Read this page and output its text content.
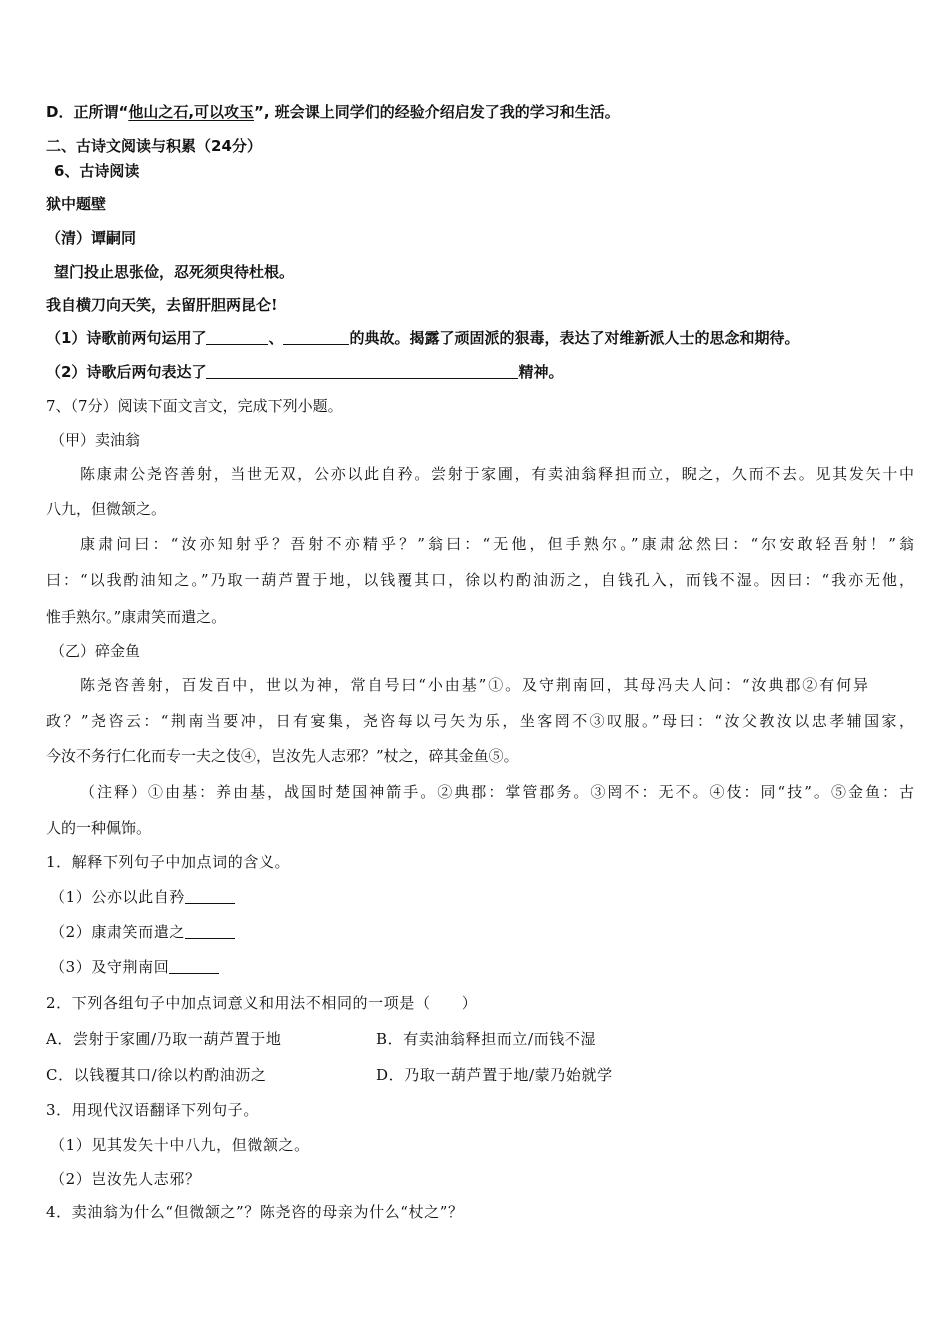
D．正所谓“他山之石,可以攻玉”, 班会课上同学们的经验介绍启发了我的学习和生活。
二、古诗文阅读与积累（24分）
6、古诗阅读
狱中题壁
（清）谭嗣同
望门投止思张俭，忍死须臾待杜根。
我自横刀向天笑，去留肝胆两昆仑!
（1）诗歌前两句运用了	、	的典故。揭露了顽固派的狠毒，表达了对维新派人士的思念和期待。
（2）诗歌后两句表达了	精神。
7、（7分）阅读下面文言文，完成下列小题。
（甲）卖油翁
陈康肃公尧咨善射，当世无双，公亦以此自矜。尝射于家圃，有卖油翁释担而立，睨之，久而不去。见其发矢十中
八九，但微颔之。
康肃问曰：“汝亦知射乎？吾射不亦精乎？”翁曰：“无他，但手熟尔。”康肃忿然曰：“尔安敢轻吾射！”翁
曰：“以我酌油知之。”乃取一葫芦置于地，以钱覆其口，徐以杓酌油沥之，自钱孔入，而钱不湿。因曰：“我亦无他，
惟手熟尔。”康肃笑而遣之。
（乙）碎金鱼
陈尧咨善射，百发百中，世以为神，常自号曰“小由基”①。及守荆南回，其母冯夫人问：“汝典郡②有何异
政？”尧咨云：“荆南当要冲，日有宴集，尧咨每以弓矢为乐，坐客罔不③叹服。”母曰：“汝父教汝以忠孝辅国家，
今汝不务行仁化而专一夫之伎④，岂汝先人志邪？”杖之，碎其金鱼⑤。
（注释）①由基：养由基，战国时楚国神箭手。②典郡：掌管郡务。③罔不：无不。④伎：同“技”。⑤金鱼：古
人的一种佩饰。
1．解释下列句子中加点词的含义。
（1）公亦以此自矜
（2）康肃笑而遣之
（3）及守荆南回
2．下列各组句子中加点词意义和用法不相同的一项是（　　）
A．尝射于家圃/乃取一葫芦置于地	B．有卖油翁释担而立/而钱不湿
C．以钱覆其口/徐以杓酌油沥之	D．乃取一葫芦置于地/蒙乃始就学
3．用现代汉语翻译下列句子。
（1）见其发矢十中八九，但微颔之。
（2）岂汝先人志邪？
4．卖油翁为什么“但微颔之”？陈尧咨的母亲为什么“杖之”？
